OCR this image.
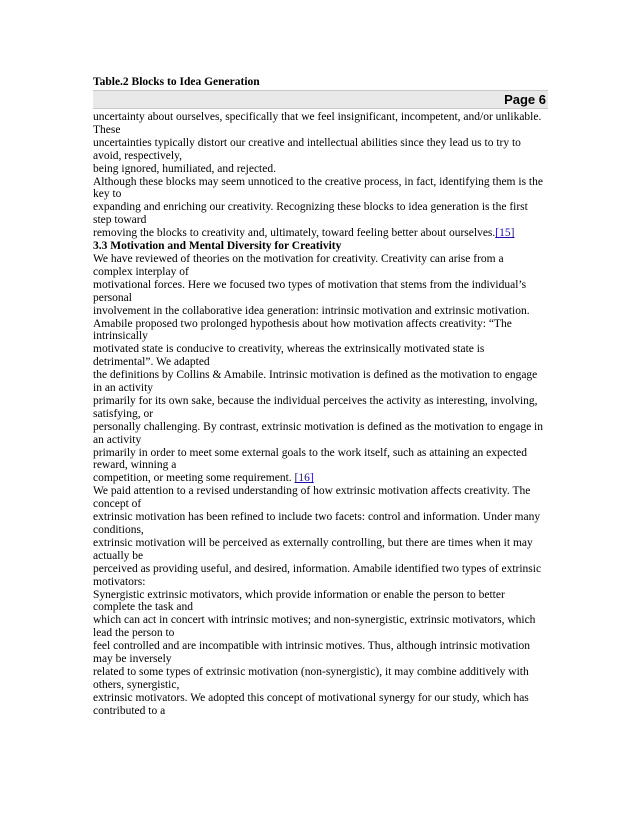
Table.2 Blocks to Idea Generation
Page 6
uncertainty about ourselves, specifically that we feel insignificant, incompetent, and/or unlikable.
These
uncertainties typically distort our creative and intellectual abilities since they lead us to try to
avoid, respectively,
being ignored, humiliated, and rejected.
Although these blocks may seem unnoticed to the creative process, in fact, identifying them is the
key to
expanding and enriching our creativity. Recognizing these blocks to idea generation is the first
step toward
removing the blocks to creativity and, ultimately, toward feeling better about ourselves.[15]
3.3 Motivation and Mental Diversity for Creativity
We have reviewed of theories on the motivation for creativity. Creativity can arise from a
complex interplay of
motivational forces. Here we focused two types of motivation that stems from the individual’s
personal
involvement in the collaborative idea generation: intrinsic motivation and extrinsic motivation.
Amabile proposed two prolonged hypothesis about how motivation affects creativity: “The
intrinsically
motivated state is conducive to creativity, whereas the extrinsically motivated state is
detrimental”. We adapted
the definitions by Collins & Amabile. Intrinsic motivation is defined as the motivation to engage
in an activity
primarily for its own sake, because the individual perceives the activity as interesting, involving,
satisfying, or
personally challenging. By contrast, extrinsic motivation is defined as the motivation to engage in
an activity
primarily in order to meet some external goals to the work itself, such as attaining an expected
reward, winning a
competition, or meeting some requirement. [16]
We paid attention to a revised understanding of how extrinsic motivation affects creativity. The
concept of
extrinsic motivation has been refined to include two facets: control and information. Under many
conditions,
extrinsic motivation will be perceived as externally controlling, but there are times when it may
actually be
perceived as providing useful, and desired, information. Amabile identified two types of extrinsic
motivators:
Synergistic extrinsic motivators, which provide information or enable the person to better
complete the task and
which can act in concert with intrinsic motives; and non-synergistic, extrinsic motivators, which
lead the person to
feel controlled and are incompatible with intrinsic motives. Thus, although intrinsic motivation
may be inversely
related to some types of extrinsic motivation (non-synergistic), it may combine additively with
others, synergistic,
extrinsic motivators. We adopted this concept of motivational synergy for our study, which has
contributed to a
